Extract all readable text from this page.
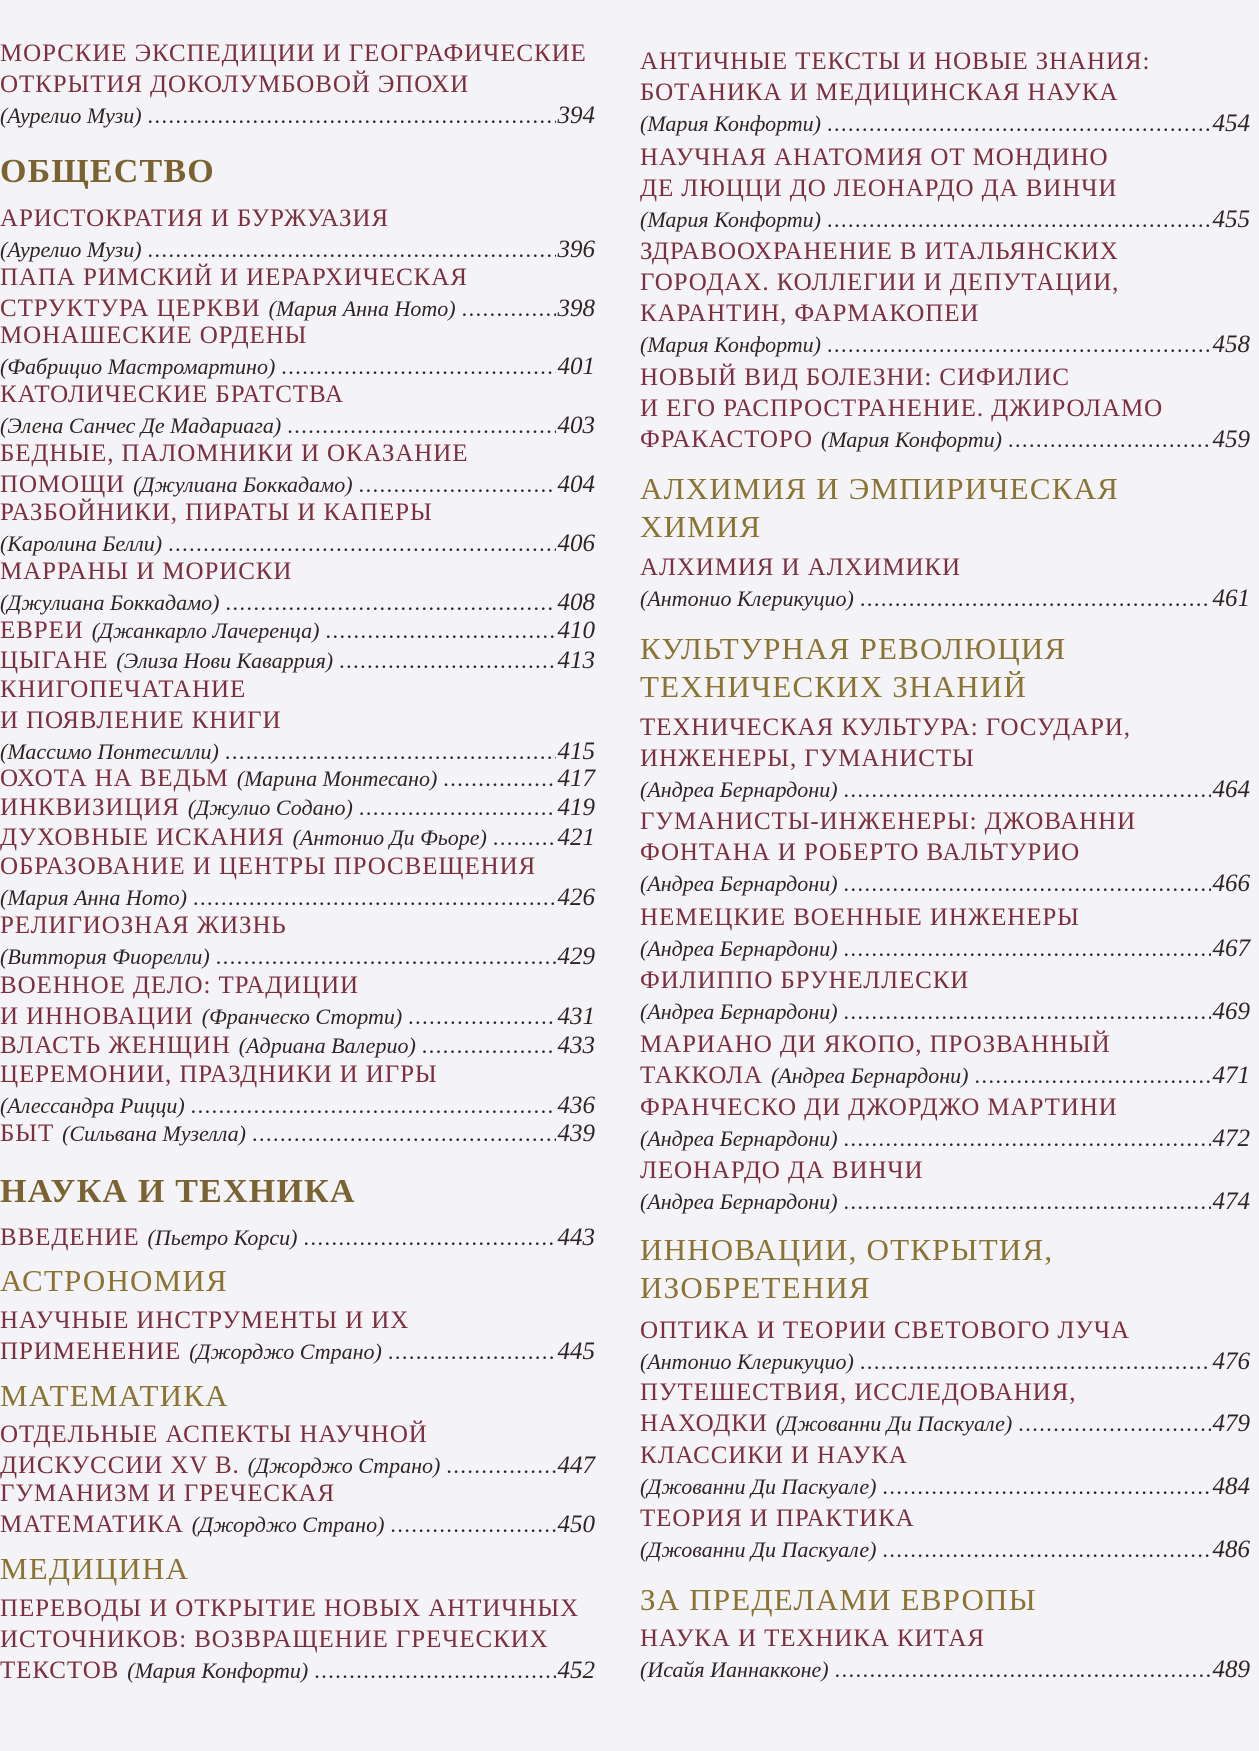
МОРСКИЕ ЭКСПЕДИЦИИ И ГЕОГРАФИЧЕСКИЕ
ОТКРЫТИЯ ДОКОЛУМБОВОЙ ЭПОХИ
(Аурелио Музи) .....	394
ОБЩЕСТВО
АРИСТОКРАТИЯ И БУРЖУАЗИЯ
(Аурелио Музи) .....	396
ПАПА РИМСКИЙ И ИЕРАРХИЧЕСКАЯ
СТРУКТУРА ЦЕРКВИ (Мария Анна Ното) .....	398
МОНАШЕСКИЕ ОРДЕНЫ
(Фабрицио Мастромартино) .....	401
КАТОЛИЧЕСКИЕ БРАТСТВА
(Элена Санчес Де Мадариага) .....	403
БЕДНЫЕ, ПАЛОМНИКИ И ОКАЗАНИЕ
ПОМОЩИ (Джулиана Боккадамо) .....	404
РАЗБОЙНИКИ, ПИРАТЫ И КАПЕРЫ
(Каролина Белли) .....	406
МАРРАНЫ И МОРИСКИ
(Джулиана Боккадамо) .....	408
ЕВРЕИ (Джанкарло Лачеренца) .....	410
ЦЫГАНЕ (Элиза Нови Каваррия) .....	413
КНИГОПЕЧАТАНИЕ
И ПОЯВЛЕНИЕ КНИГИ
(Массимо Понтесилли) .....	415
ОХОТА НА ВЕДЬМ (Марина Монтесано) .....	417
ИНКВИЗИЦИЯ (Джулио Содано) .....	419
ДУХОВНЫЕ ИСКАНИЯ (Антонио Ди Фьоре) .....	421
ОБРАЗОВАНИЕ И ЦЕНТРЫ ПРОСВЕЩЕНИЯ
(Мария Анна Ното) .....	426
РЕЛИГИОЗНАЯ ЖИЗНЬ
(Виттория Фиорелли) .....	429
ВОЕННОЕ ДЕЛО: ТРАДИЦИИ
И ИННОВАЦИИ (Франческо Сторти) .....	431
ВЛАСТЬ ЖЕНЩИН (Адриана Валерио) .....	433
ЦЕРЕМОНИИ, ПРАЗДНИКИ И ИГРЫ
(Алессандра Рицци) .....	436
БЫТ (Сильвана Музелла) .....	439
НАУКА И ТЕХНИКА
ВВЕДЕНИЕ (Пьетро Корси) .....	443
АСТРОНОМИЯ
НАУЧНЫЕ ИНСТРУМЕНТЫ И ИХ
ПРИМЕНЕНИЕ (Джорджо Страно) .....	445
МАТЕМАТИКА
ОТДЕЛЬНЫЕ АСПЕКТЫ НАУЧНОЙ
ДИСКУССИИ XV В. (Джорджо Страно) .....	447
ГУМАНИЗМ И ГРЕЧЕСКАЯ
МАТЕМАТИКА (Джорджо Страно) .....	450
МЕДИЦИНА
ПЕРЕВОДЫ И ОТКРЫТИЕ НОВЫХ АНТИЧНЫХ
ИСТОЧНИКОВ: ВОЗВРАЩЕНИЕ ГРЕЧЕСКИХ
ТЕКСТОВ (Мария Конфорти) .....	452
АНТИЧНЫЕ ТЕКСТЫ И НОВЫЕ ЗНАНИЯ:
БОТАНИКА И МЕДИЦИНСКАЯ НАУКА
(Мария Конфорти) .....	454
НАУЧНАЯ АНАТОМИЯ ОТ МОНДИНО
ДЕ ЛЮЦЦИ ДО ЛЕОНАРДО ДА ВИНЧИ
(Мария Конфорти) .....	455
ЗДРАВООХРАНЕНИЕ В ИТАЛЬЯНСКИХ
ГОРОДАХ. КОЛЛЕГИИ И ДЕПУТАЦИИ,
КАРАНТИН, ФАРМАКОПЕИ
(Мария Конфорти) .....	458
НОВЫЙ ВИД БОЛЕЗНИ: СИФИЛИС
И ЕГО РАСПРОСТРАНЕНИЕ. ДЖИРОЛАМО
ФРАКАСТОРО (Мария Конфорти) .....	459
АЛХИМИЯ И ЭМПИРИЧЕСКАЯ
ХИМИЯ
АЛХИМИЯ И АЛХИМИКИ
(Антонио Клерикуцио) .....	461
КУЛЬТУРНАЯ РЕВОЛЮЦИЯ
ТЕХНИЧЕСКИХ ЗНАНИЙ
ТЕХНИЧЕСКАЯ КУЛЬТУРА: ГОСУДАРИ,
ИНЖЕНЕРЫ, ГУМАНИСТЫ
(Андреа Бернардони) .....	464
ГУМАНИСТЫ-ИНЖЕНЕРЫ: ДЖОВАННИ
ФОНТАНА И РОБЕРТО ВАЛЬТУРИО
(Андреа Бернардони) .....	466
НЕМЕЦКИЕ ВОЕННЫЕ ИНЖЕНЕРЫ
(Андреа Бернардони) .....	467
ФИЛИППО БРУНЕЛЛЕСКИ
(Андреа Бернардони) .....	469
МАРИАНО ДИ ЯКОПО, ПРОЗВАННЫЙ
ТАККОЛА (Андреа Бернардони) .....	471
ФРАНЧЕСКО ДИ ДЖОРДЖО МАРТИНИ
(Андреа Бернардони) .....	472
ЛЕОНАРДО ДА ВИНЧИ
(Андреа Бернардони) .....	474
ИННОВАЦИИ, ОТКРЫТИЯ,
ИЗОБРЕТЕНИЯ
ОПТИКА И ТЕОРИИ СВЕТОВОГО ЛУЧА
(Антонио Клерикуцио) .....	476
ПУТЕШЕСТВИЯ, ИССЛЕДОВАНИЯ,
НАХОДКИ (Джованни Ди Паскуале) .....	479
КЛАССИКИ И НАУКА
(Джованни Ди Паскуале) .....	484
ТЕОРИЯ И ПРАКТИКА
(Джованни Ди Паскуале) .....	486
ЗА ПРЕДЕЛАМИ ЕВРОПЫ
НАУКА И ТЕХНИКА КИТАЯ
(Исайя Ианнакконе) .....	489
